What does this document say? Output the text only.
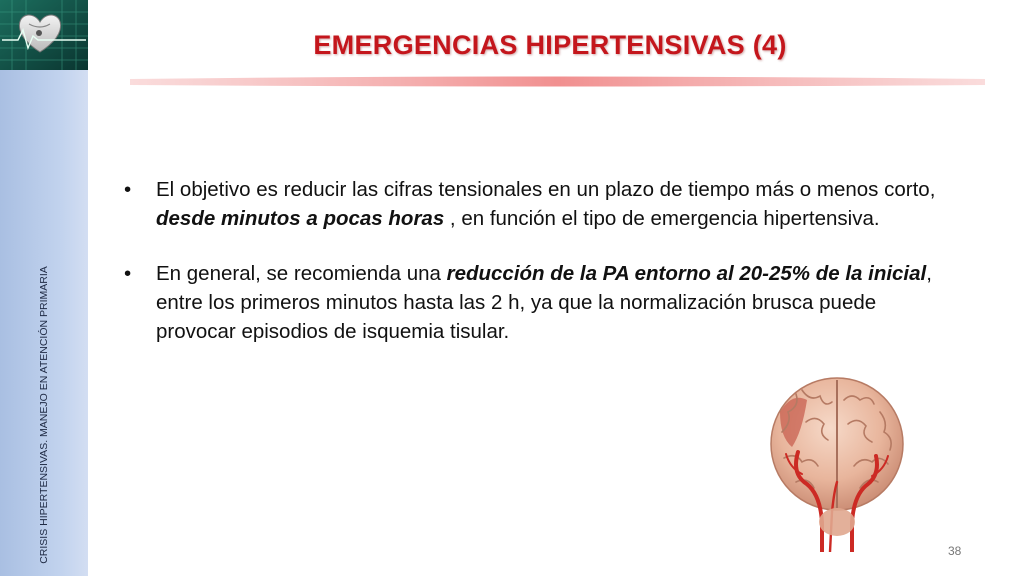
CRISIS HIPERTENSIVAS. MANEJO EN ATENCIÓN PRIMARIA
EMERGENCIAS HIPERTENSIVAS (4)
• El objetivo es reducir las cifras tensionales en un plazo de tiempo más o menos corto, desde minutos a pocas horas , en función el tipo de emergencia hipertensiva.
• En general, se recomienda una reducción de la PA entorno al 20-25% de la inicial, entre los primeros minutos hasta las 2 h, ya que la normalización brusca puede provocar episodios de isquemia tisular.
38
